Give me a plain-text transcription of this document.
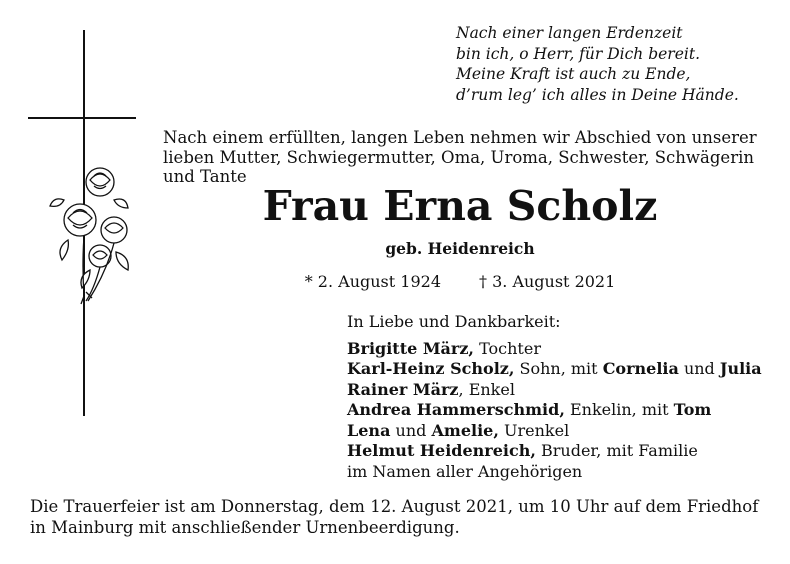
Nach einer langen Erdenzeit
bin ich, o Herr, für Dich bereit.
Meine Kraft ist auch zu Ende,
d’rum leg’ ich alles in Deine Hände.
Nach einem erfüllten, langen Leben nehmen wir Abschied von unserer
lieben Mutter, Schwiegermutter, Oma, Uroma, Schwester, Schwägerin
und Tante
Frau Erna Scholz
geb. Heidenreich
* 2. August 1924 † 3. August 2021
In Liebe und Dankbarkeit:
Brigitte März, Tochter
Karl-Heinz Scholz, Sohn, mit Cornelia und Julia
Rainer März, Enkel
Andrea Hammerschmid, Enkelin, mit Tom
Lena und Amelie, Urenkel
Helmut Heidenreich, Bruder, mit Familie
im Namen aller Angehörigen
Die Trauerfeier ist am Donnerstag, dem 12. August 2021, um 10 Uhr auf dem Friedhof
in Mainburg mit anschließender Urnenbeerdigung.
